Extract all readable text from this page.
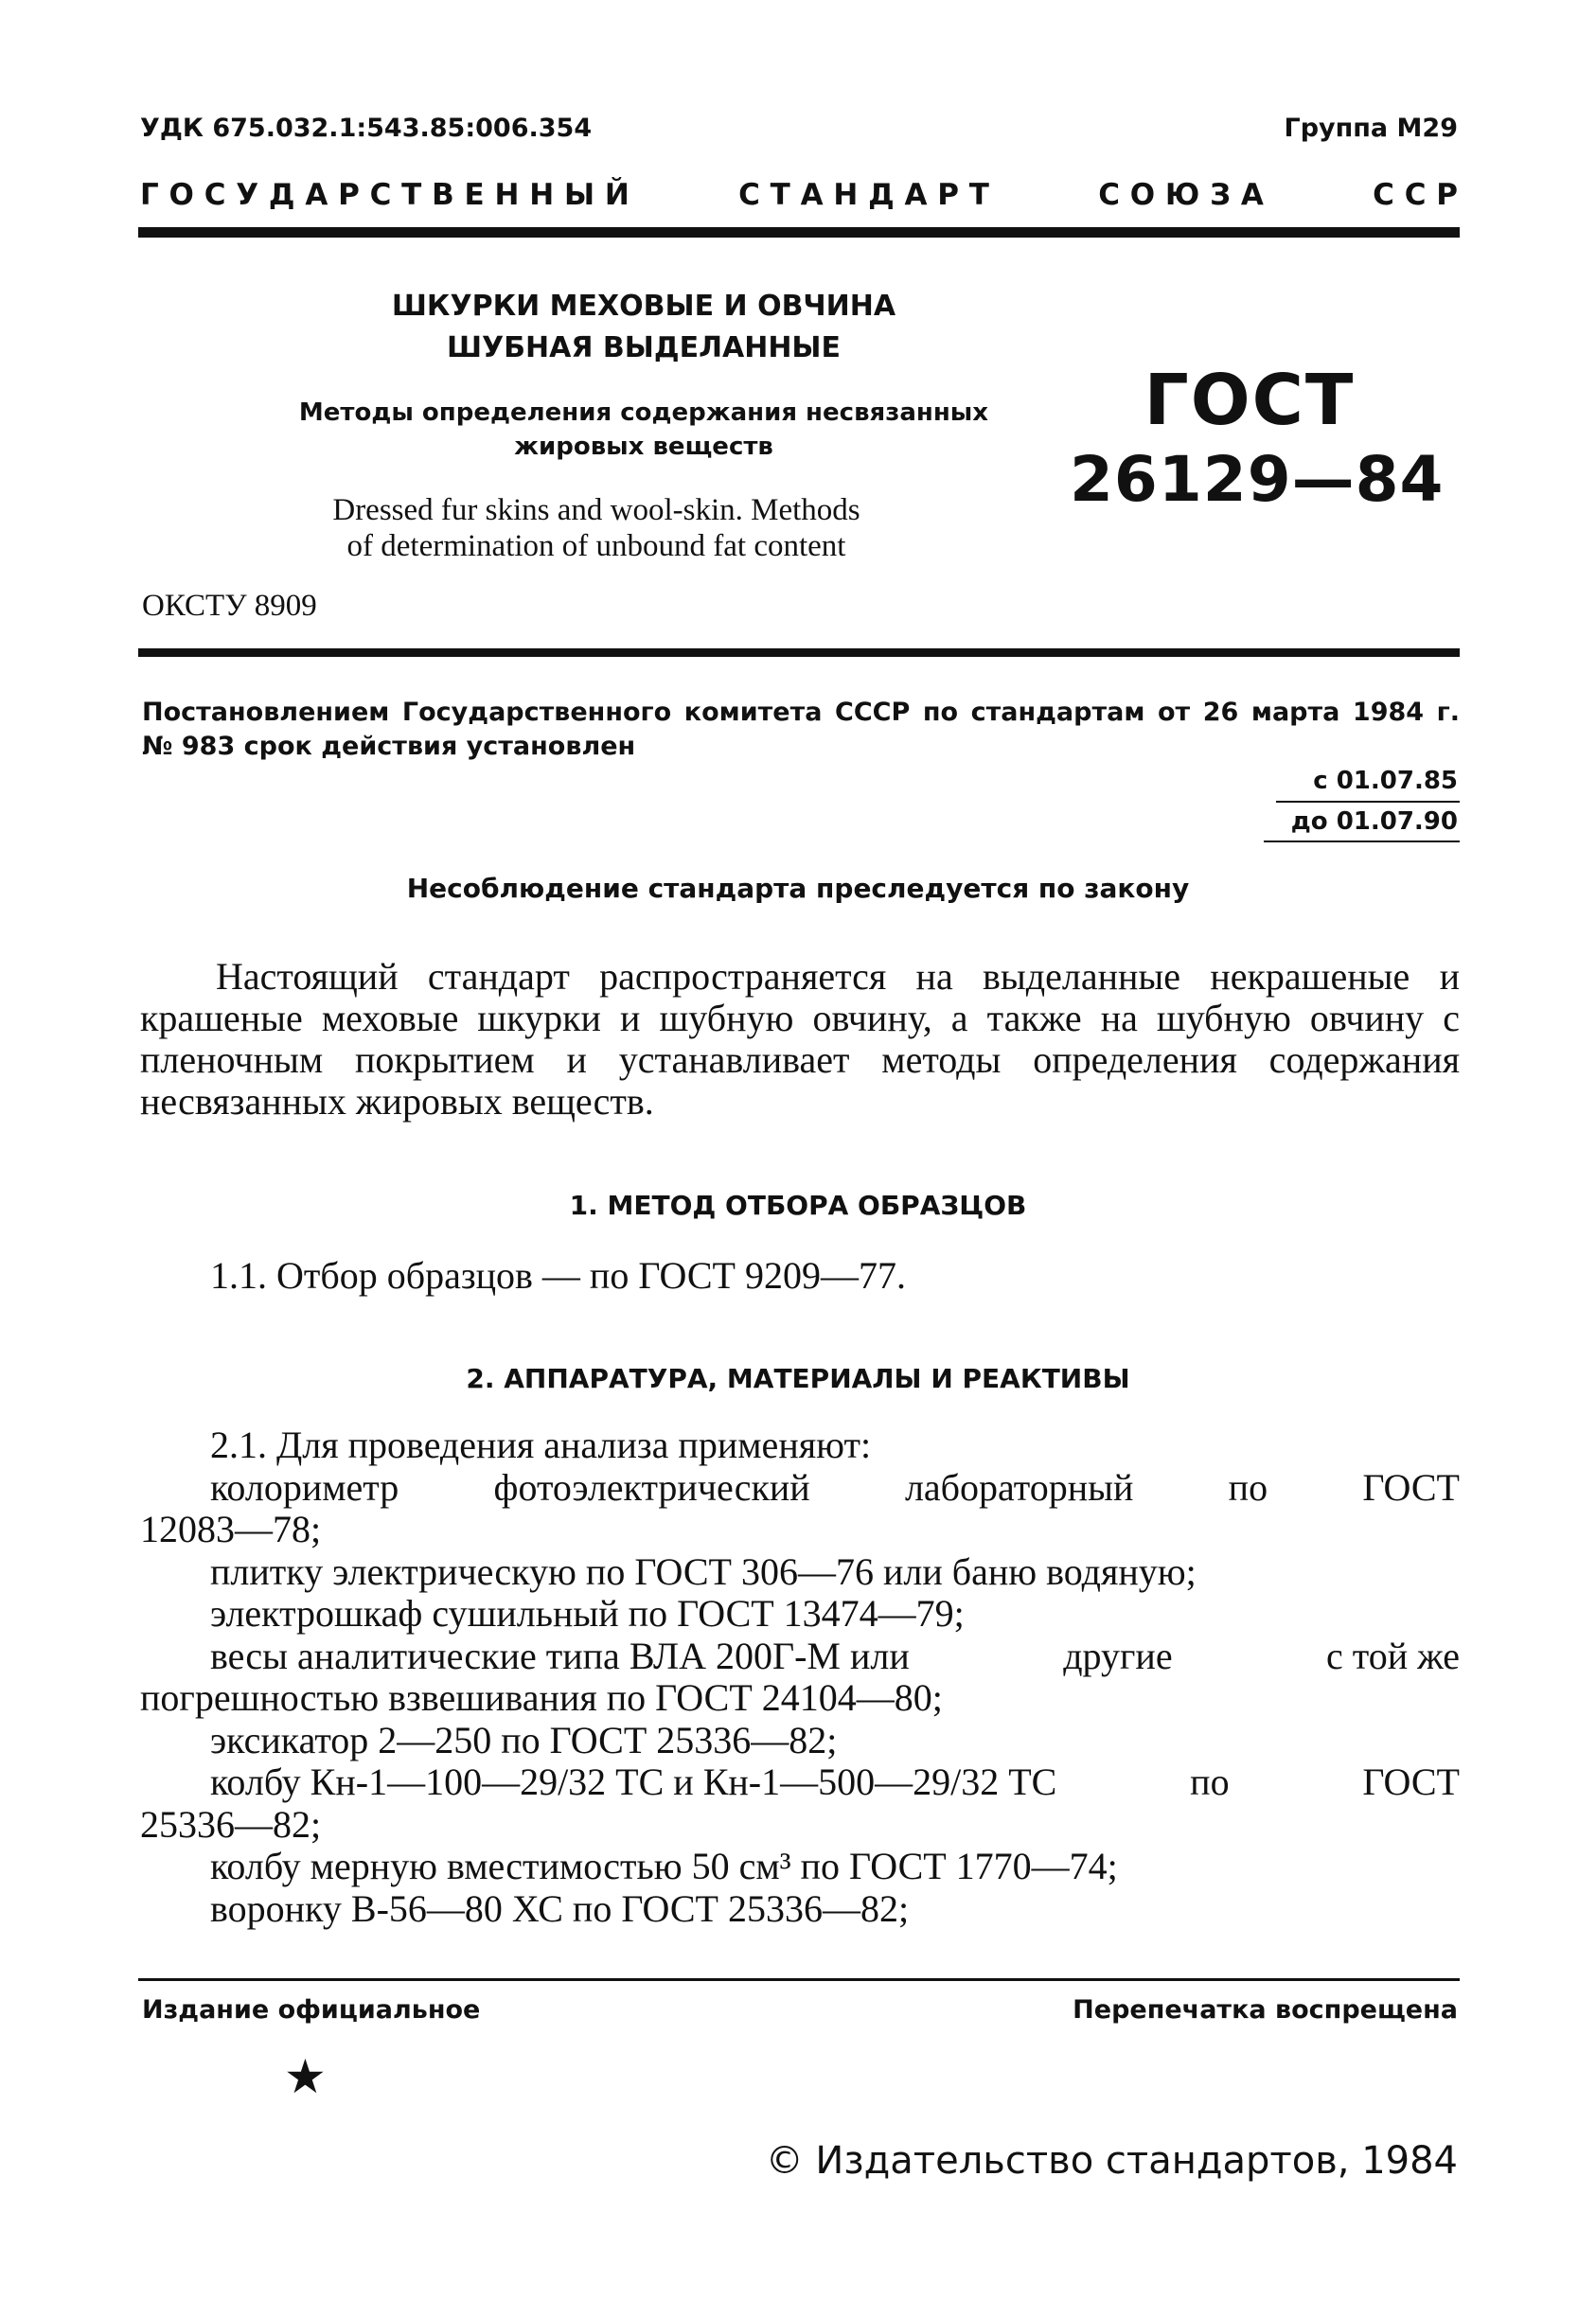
УДК 675.032.1:543.85:006.354	Группа М29
Г О С У Д А Р С Т В Е Н Н Ы Й	С Т А Н Д А Р Т	С О Ю З А	С С Р
ШКУРКИ МЕХОВЫЕ И ОВЧИНА
ШУБНАЯ ВЫДЕЛАННЫЕ
Методы определения содержания несвязанных
жировых веществ
Dressed fur skins and wool-skin. Methods
of determination of unbound fat content
ГОСТ
26129—84
ОКСТУ 8909
Постановлением Государственного комитета СССР по стандартам от 26 марта 1984 г. № 983 срок действия установлен
с 01.07.85
до 01.07.90
Несоблюдение стандарта преследуется по закону
Настоящий стандарт распространяется на выделанные некрашеные и крашеные меховые шкурки и шубную овчину, а также на шубную овчину с пленочным покрытием и устанавливает методы определения содержания несвязанных жировых веществ.
1. МЕТОД ОТБОРА ОБРАЗЦОВ
1.1. Отбор образцов — по ГОСТ 9209—77.
2. АППАРАТУРА, МАТЕРИАЛЫ И РЕАКТИВЫ
2.1. Для проведения анализа применяют:
колориметр	фотоэлектрический	лабораторный	по	ГОСТ
12083—78;
плитку электрическую по ГОСТ 306—76 или баню водяную;
электрошкаф сушильный по ГОСТ 13474—79;
весы аналитические типа ВЛА 200Г-М или	другие	с той же
погрешностью взвешивания по ГОСТ 24104—80;
эксикатор 2—250 по ГОСТ 25336—82;
колбу Кн-1—100—29/32 ТС и Кн-1—500—29/32 ТС	по	ГОСТ
25336—82;
колбу мерную вместимостью 50 см³ по ГОСТ 1770—74;
воронку В-56—80 ХС по ГОСТ 25336—82;
Издание официальное	Перепечатка воспрещена
★
© Издательство стандартов, 1984
